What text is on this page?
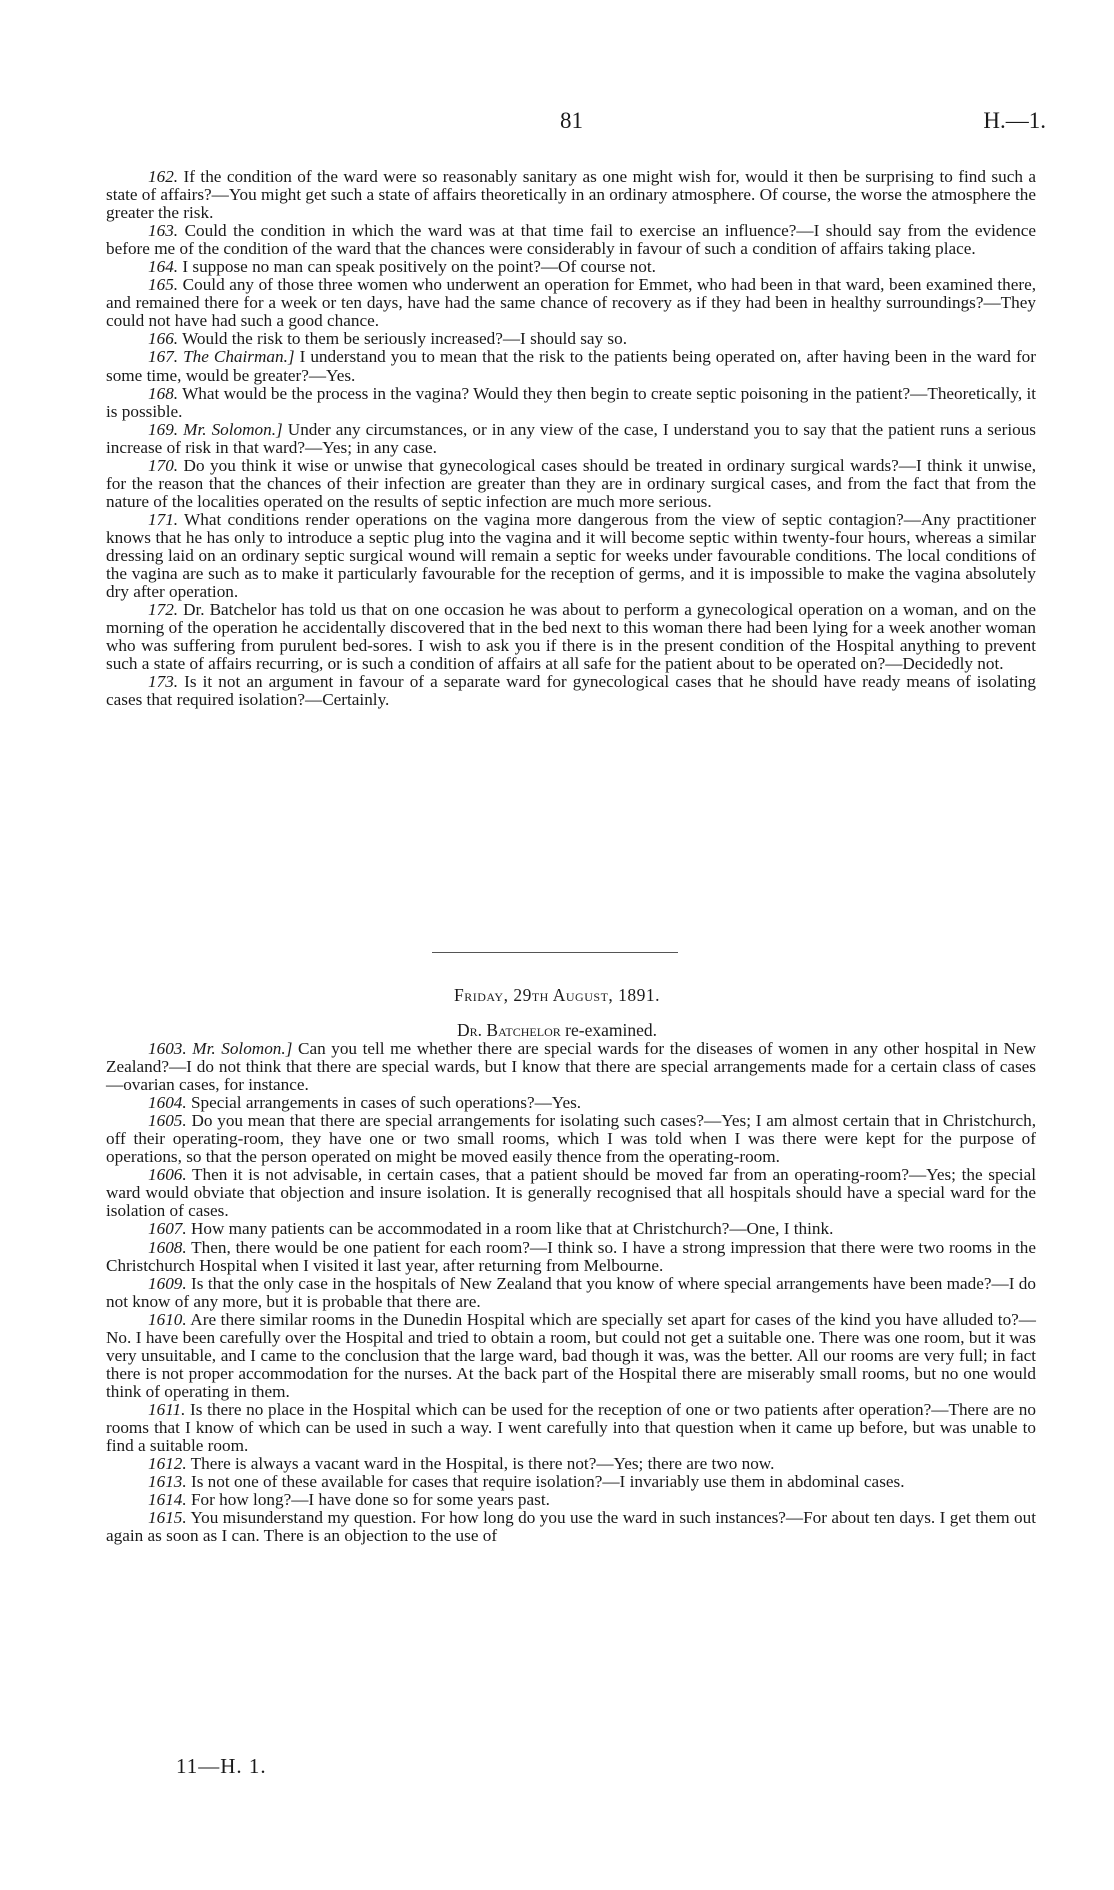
81	H.—1.

162. If the condition of the ward were so reasonably sanitary as one might wish for, would it then be surprising to find such a state of affairs?—You might get such a state of affairs theoretically in an ordinary atmosphere. Of course, the worse the atmosphere the greater the risk.

163. Could the condition in which the ward was at that time fail to exercise an influence?—I should say from the evidence before me of the condition of the ward that the chances were considerably in favour of such a condition of affairs taking place.

164. I suppose no man can speak positively on the point?—Of course not.

165. Could any of those three women who underwent an operation for Emmet, who had been in that ward, been examined there, and remained there for a week or ten days, have had the same chance of recovery as if they had been in healthy surroundings?—They could not have had such a good chance.

166. Would the risk to them be seriously increased?—I should say so.

167. The Chairman.] I understand you to mean that the risk to the patients being operated on, after having been in the ward for some time, would be greater?—Yes.

168. What would be the process in the vagina? Would they then begin to create septic poisoning in the patient?—Theoretically, it is possible.

169. Mr. Solomon.] Under any circumstances, or in any view of the case, I understand you to say that the patient runs a serious increase of risk in that ward?—Yes; in any case.

170. Do you think it wise or unwise that gynecological cases should be treated in ordinary surgical wards?—I think it unwise, for the reason that the chances of their infection are greater than they are in ordinary surgical cases, and from the fact that from the nature of the localities operated on the results of septic infection are much more serious.

171. What conditions render operations on the vagina more dangerous from the view of septic contagion?—Any practitioner knows that he has only to introduce a septic plug into the vagina and it will become septic within twenty-four hours, whereas a similar dressing laid on an ordinary septic surgical wound will remain a septic for weeks under favourable conditions. The local conditions of the vagina are such as to make it particularly favourable for the reception of germs, and it is impossible to make the vagina absolutely dry after operation.

172. Dr. Batchelor has told us that on one occasion he was about to perform a gynecological operation on a woman, and on the morning of the operation he accidentally discovered that in the bed next to this woman there had been lying for a week another woman who was suffering from purulent bed-sores. I wish to ask you if there is in the present condition of the Hospital anything to prevent such a state of affairs recurring, or is such a condition of affairs at all safe for the patient about to be operated on?—Decidedly not.

173. Is it not an argument in favour of a separate ward for gynecological cases that he should have ready means of isolating cases that required isolation?—Certainly.

Friday, 29th August, 1891.
Dr. Batchelor re-examined.

1603. Mr. Solomon.] Can you tell me whether there are special wards for the diseases of women in any other hospital in New Zealand?—I do not think that there are special wards, but I know that there are special arrangements made for a certain class of cases—ovarian cases, for instance.

1604. Special arrangements in cases of such operations?—Yes.

1605. Do you mean that there are special arrangements for isolating such cases?—Yes; I am almost certain that in Christchurch, off their operating-room, they have one or two small rooms, which I was told when I was there were kept for the purpose of operations, so that the person operated on might be moved easily thence from the operating-room.

1606. Then it is not advisable, in certain cases, that a patient should be moved far from an operating-room?—Yes; the special ward would obviate that objection and insure isolation. It is generally recognised that all hospitals should have a special ward for the isolation of cases.

1607. How many patients can be accommodated in a room like that at Christchurch?—One, I think.

1608. Then, there would be one patient for each room?—I think so. I have a strong impression that there were two rooms in the Christchurch Hospital when I visited it last year, after returning from Melbourne.

1609. Is that the only case in the hospitals of New Zealand that you know of where special arrangements have been made?—I do not know of any more, but it is probable that there are.

1610. Are there similar rooms in the Dunedin Hospital which are specially set apart for cases of the kind you have alluded to?—No. I have been carefully over the Hospital and tried to obtain a room, but could not get a suitable one. There was one room, but it was very unsuitable, and I came to the conclusion that the large ward, bad though it was, was the better. All our rooms are very full; in fact there is not proper accommodation for the nurses. At the back part of the Hospital there are miserably small rooms, but no one would think of operating in them.

1611. Is there no place in the Hospital which can be used for the reception of one or two patients after operation?—There are no rooms that I know of which can be used in such a way. I went carefully into that question when it came up before, but was unable to find a suitable room.

1612. There is always a vacant ward in the Hospital, is there not?—Yes; there are two now.

1613. Is not one of these available for cases that require isolation?—I invariably use them in abdominal cases.

1614. For how long?—I have done so for some years past.

1615. You misunderstand my question. For how long do you use the ward in such instances?—For about ten days. I get them out again as soon as I can. There is an objection to the use of

11—H. 1.
